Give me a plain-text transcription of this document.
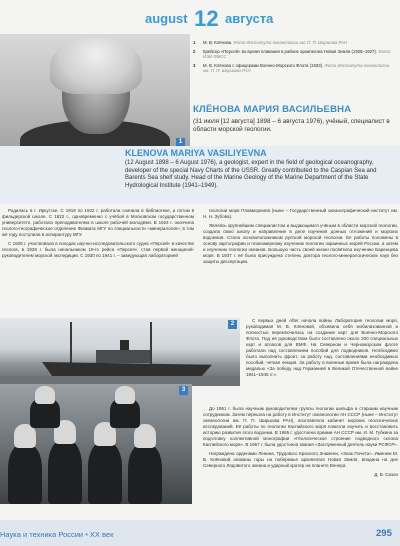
august 12 августа
1
1	М. В. Клёнова. Фото Института океанологии им. П. П. Ширшова РАН
2	Крейсер «Персей» во время плавания в районе архипелага Новая Земля (1925–1927). Фото: ИЭИ ФМСС
3	М. В. Клёнова с офицерами Военно-Морского Флота (1933). Фото Института океанологии им. П. П. Ширшова РАН
КЛЁНОВА МАРИЯ ВАСИЛЬЕВНА
(31 июля [12 августа] 1898 – 6 августа 1976), учёный, специалист в области морской геологии.
KLENOVA MARIYA VASILIYEVNA
(12 August 1898 – 6 August 1976), a geologist, expert in the field of geological oceanography, developer of the special Navy Charts of the USSR. Greatly contributed to the Caspian Sea and Barents Sea shelf study. Head of the Marine Geology of the Marine Department of the State Hydrological Institute (1941–1949).

Родилась в г. Иркутске. С 1918 по 1922 г. работала сначала в библиотеке, а потом в фильдерской школе. С 1922 г., одновременно с учёбой в Московском государственном университете, работала преподавателем в школе рабочей молодёжи. В 1924 г. окончила геолого-географическое отделение Физмата МГУ по специальности «минералогия», в том же году поступила в аспирантуру МГУ.

С 1925 г. участвовала в походах научно-исследовательского судна «Персей» в качестве геолога, в 1929 г. была начальником 19-го рейса «Персея», став первой женщиной-руководителем морской экспедиции. С 1930 по 1941 г. – заведующая лабораторией

геологии моря Плавморнина (ныне – Государственный океанографический институт им. Н. Н. Зубова).

Являясь крупнейшим специалистом и выдающимся учёным в области морской геологии, создала свою школу и направление в деле изучения донных отложений и морских водоемов. Стала основоположником русской морской геологии. Ее работы положены в основу картографии и планомерному изучению геологии окраинных морей России, а затем и изучению геологии океанов. Большую часть своей жизни посвятила изучению Баренцева моря. В 1937 г. её была присуждена степень доктора геолого-минералогических наук без защиты диссертации.

2

С первых дней After начала войны Лаборатория геологии моря, руководимая М. В. Клёновой, объявила себя мобилизованной и полностью переключилась на создание карт для Военно-Морского Флота. Под её руководством было составлено около 200 специальных карт и атласов для ВМФ. На Северном и Черноморском флоте работали над составлением пособий для подводников. Необходимо было выполнить фронт, за работу над, составлениями необходимых пособий, четкая лекция. За работу в военные время была награждена медалью «За победу над Германией в Великой Отечественной войне 1941–1945 гг.».

3

До 1951 г. была научным руководителем группы геологии шельфа и старшим научным сотрудником. Затем перешла на работу в Институт океанологии АН СССР (ныне – Институт океанологии им. П. П. Ширшова РАН), возглавляла кабинет морских геологических исследований. Её работы по геологии Каспийского моря помогли изучить и восстановить историю развития этого водоема. В 1965 г. удостоена премии АН СССР им. И. М. Губкина за подготовку коллективной монографии «Геологическое строение подводного склона Каспийского моря». В 1967 г. была удостоена звания «Заслуженный деятель науки РСФСР».

Награждена орденами Ленина, Трудового Красного Знамени, «Знак Почета». Именем М. В. Клёновой названы горы на побережье архипелага Новая Земля, впадина на дне Северного Ледовитого океана и ударный кратер на планете Венера.

Д. В. Сазон

Наука и техника России • XX век	295
